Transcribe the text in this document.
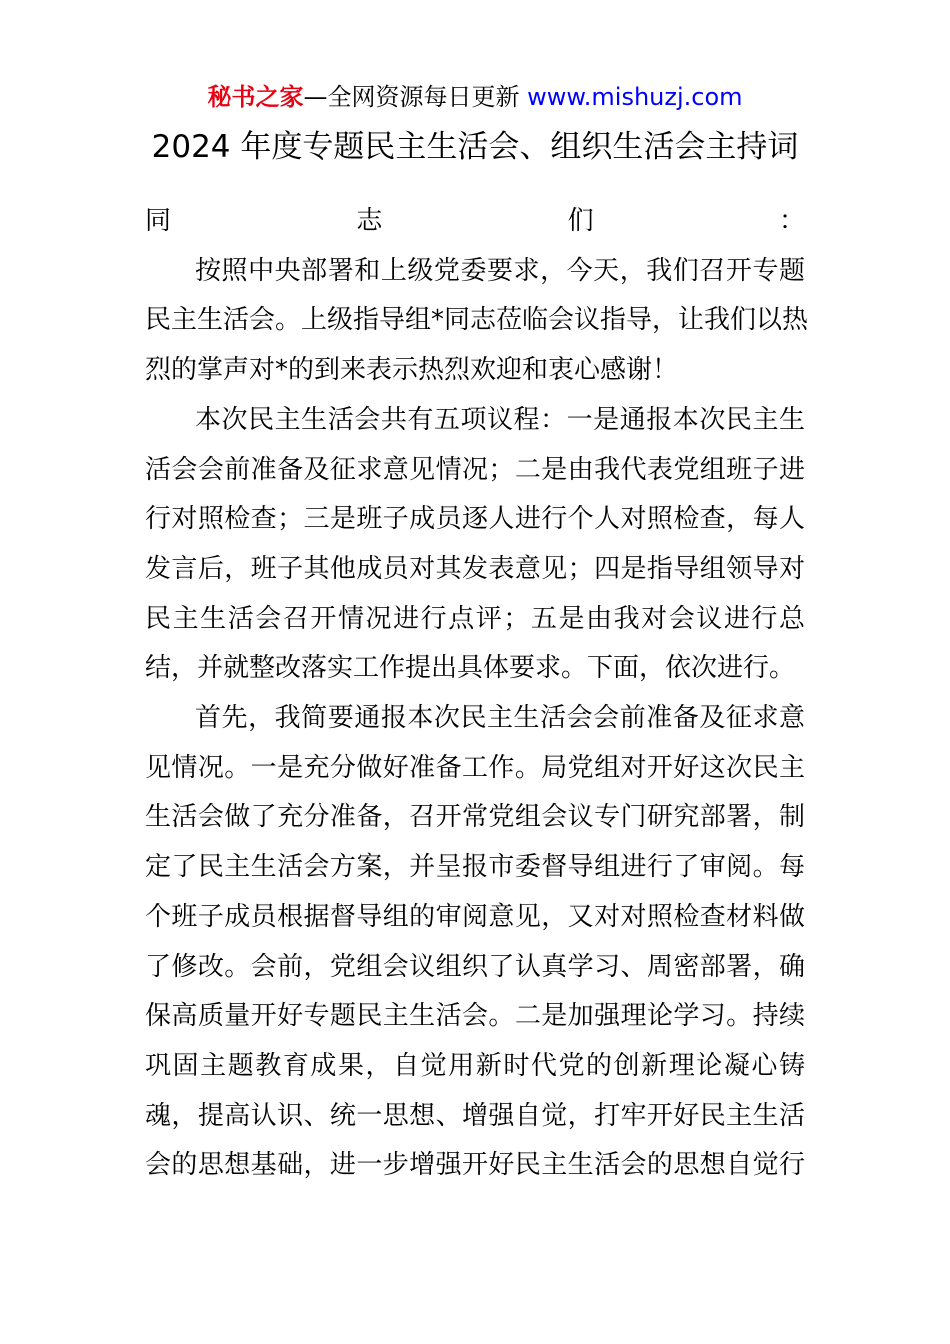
秘书之家—全网资源每日更新 www.mishuzj.com
2024 年度专题民主生活会、组织生活会主持词
同志们：
按照中央部署和上级党委要求，今天，我们召开专题
民主生活会。上级指导组*同志莅临会议指导，让我们以热
烈的掌声对*的到来表示热烈欢迎和衷心感谢！
本次民主生活会共有五项议程：一是通报本次民主生
活会会前准备及征求意见情况；二是由我代表党组班子进
行对照检查；三是班子成员逐人进行个人对照检查，每人
发言后，班子其他成员对其发表意见；四是指导组领导对
民主生活会召开情况进行点评；五是由我对会议进行总
结，并就整改落实工作提出具体要求。下面，依次进行。
首先，我简要通报本次民主生活会会前准备及征求意
见情况。一是充分做好准备工作。局党组对开好这次民主
生活会做了充分准备，召开常党组会议专门研究部署，制
定了民主生活会方案，并呈报市委督导组进行了审阅。每
个班子成员根据督导组的审阅意见，又对对照检查材料做
了修改。会前，党组会议组织了认真学习、周密部署，确
保高质量开好专题民主生活会。二是加强理论学习。持续
巩固主题教育成果，自觉用新时代党的创新理论凝心铸
魂，提高认识、统一思想、增强自觉，打牢开好民主生活
会的思想基础，进一步增强开好民主生活会的思想自觉行
